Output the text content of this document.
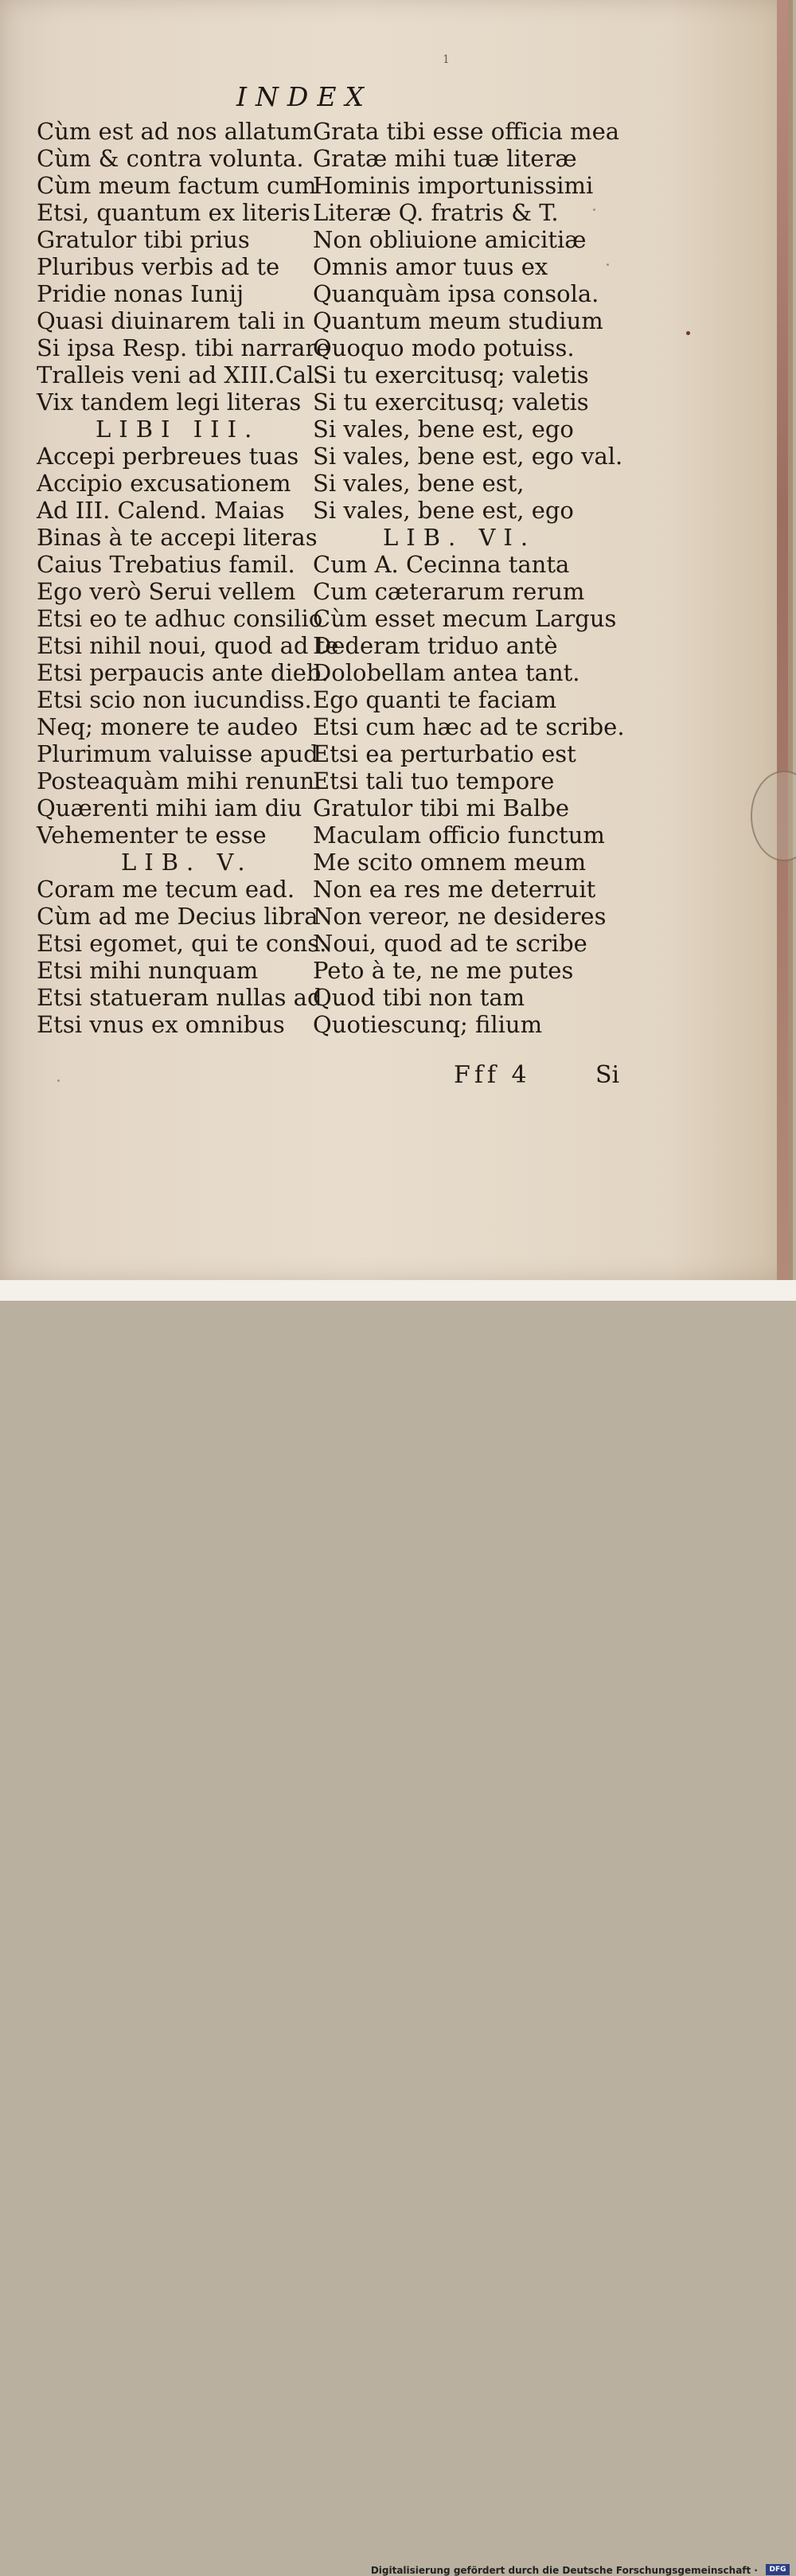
1
INDEX
Cùm est ad nos allatum
Cùm & contra volunta.
Cùm meum factum cum
Etsi, quantum ex literis
Gratulor tibi prius
Pluribus verbis ad te
Pridie nonas Iunij
Quasi diuinarem tali in
Si ipsa Resp. tibi narrare
Tralleis veni ad XIII.Cal.
Vix tandem legi literas
LIBI III.
Accepi perbreues tuas
Accipio excusationem
Ad III. Calend. Maias
Binas à te accepi literas
Caius Trebatius famil.
Ego verò Serui vellem
Etsi eo te adhuc consilio
Etsi nihil noui, quod ad te
Etsi perpaucis ante dieb.
Etsi scio non iucundiss.
Neq; monere te audeo
Plurimum valuisse apud
Posteaquàm mihi renun.
Quærenti mihi iam diu
Vehementer te esse
LIB. V.
Coram me tecum ead.
Cùm ad me Decius libra
Etsi egomet, qui te cons.
Etsi mihi nunquam
Etsi statueram nullas ad
Etsi vnus ex omnibus
Grata tibi esse officia mea
Gratæ mihi tuæ literæ
Hominis importunissimi
Literæ Q. fratris & T.
Non obliuione amicitiæ
Omnis amor tuus ex
Quanquàm ipsa consola.
Quantum meum studium
Quoquo modo potuiss.
Si tu exercitusq; valetis
Si tu exercitusq; valetis
Si vales, bene est, ego
Si vales, bene est, ego val.
Si vales, bene est,
Si vales, bene est, ego
LIB. VI.
Cum A. Cecinna tanta
Cum cæterarum rerum
Cùm esset mecum Largus
Dederam triduo antè
Dolobellam antea tant.
Ego quanti te faciam
Etsi cum hæc ad te scribe.
Etsi ea perturbatio est
Etsi tali tuo tempore
Gratulor tibi mi Balbe
Maculam officio functum
Me scito omnem meum
Non ea res me deterruit
Non vereor, ne desideres
Noui, quod ad te scribe
Peto à te, ne me putes
Quod tibi non tam
Quotiescunq; filium
Fff 4	Si
Digitalisierung gefördert durch die Deutsche Forschungsgemeinschaft ·	DFG
